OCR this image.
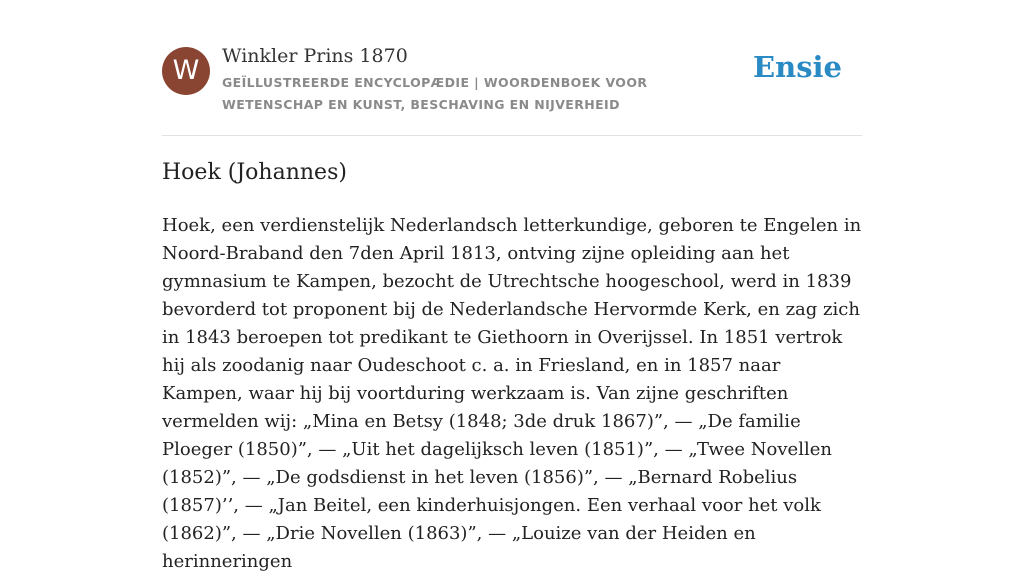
W	Winkler Prins 1870
GEÏLLUSTREERDE ENCYCLOPÆDIE | WOORDENBOEK VOOR WETENSCHAP EN KUNST, BESCHAVING EN NIJVERHEID
Ensie
Hoek (Johannes)

Hoek, een verdienstelijk Nederlandsch letterkundige, geboren te Engelen in Noord-Braband den 7den April 1813, ontving zijne opleiding aan het gymnasium te Kampen, bezocht de Utrechtsche hoogeschool, werd in 1839 bevorderd tot proponent bij de Nederlandsche Hervormde Kerk, en zag zich in 1843 beroepen tot predikant te Giethoorn in Overijssel. In 1851 vertrok hij als zoodanig naar Oudeschoot c. a. in Friesland, en in 1857 naar Kampen, waar hij bij voortduring werkzaam is. Van zijne geschriften vermelden wij: „Mina en Betsy (1848; 3de druk 1867)”, — „De familie Ploeger (1850)”, — „Uit het dagelijksch leven (1851)”, — „Twee Novellen (1852)”, — „De godsdienst in het leven (1856)”, — „Bernard Robelius (1857)’’, — „Jan Beitel, een kinderhuisjongen. Een verhaal voor het volk (1862)”, — „Drie Novellen (1863)”, — „Louize van der Heiden en herinneringen
